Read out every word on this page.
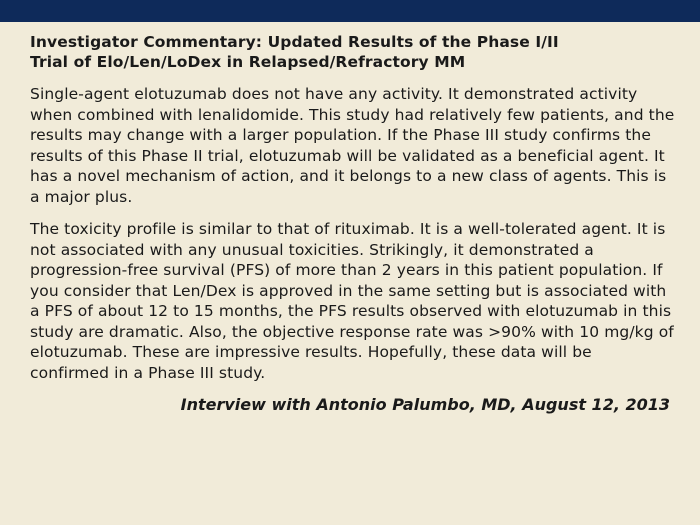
Investigator Commentary: Updated Results of the Phase I/II
Trial of Elo/Len/LoDex in Relapsed/Refractory MM

Single-agent elotuzumab does not have any activity. It demonstrated activity when combined with lenalidomide. This study had relatively few patients, and the results may change with a larger population. If the Phase III study confirms the results of this Phase II trial, elotuzumab will be validated as a beneficial agent. It has a novel mechanism of action, and it belongs to a new class of agents. This is a major plus.

The toxicity profile is similar to that of rituximab. It is a well-tolerated agent. It is not associated with any unusual toxicities. Strikingly, it demonstrated a progression-free survival (PFS) of more than 2 years in this patient population. If you consider that Len/Dex is approved in the same setting but is associated with a PFS of about 12 to 15 months, the PFS results observed with elotuzumab in this study are dramatic. Also, the objective response rate was >90% with 10 mg/kg of elotuzumab. These are impressive results. Hopefully, these data will be confirmed in a Phase III study.

Interview with Antonio Palumbo, MD, August 12, 2013
